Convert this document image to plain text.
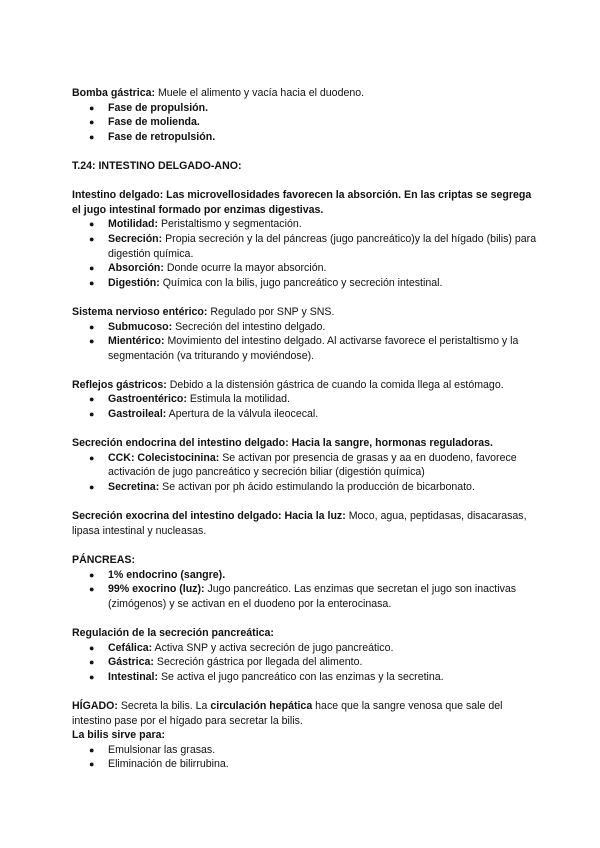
Bomba gástrica: Muele el alimento y vacía hacia el duodeno.

● Fase de propulsión.
● Fase de molienda.
● Fase de retropulsión.

T.24: INTESTINO DELGADO-ANO:

Intestino delgado: Las microvellosidades favorecen la absorción. En las criptas se segrega el jugo intestinal formado por enzimas digestivas.

● Motilidad: Peristaltismo y segmentación.
● Secreción: Propia secreción y la del páncreas (jugo pancreático)y la del hígado (bilis) para digestión química.
● Absorción: Donde ocurre la mayor absorción.
● Digestión: Química con la bilis, jugo pancreático y secreción intestinal.

Sistema nervioso entérico: Regulado por SNP y SNS.

● Submucoso: Secreción del intestino delgado.
● Mientérico: Movimiento del intestino delgado. Al activarse favorece el peristaltismo y la segmentación (va triturando y moviéndose).

Reflejos gástricos: Debido a la distensión gástrica de cuando la comida llega al estómago.

● Gastroentérico: Estimula la motilidad.
● Gastroileal: Apertura de la válvula ileocecal.

Secreción endocrina del intestino delgado: Hacia la sangre, hormonas reguladoras.

● CCK: Colecistocinina: Se activan por presencia de grasas y aa en duodeno, favorece activación de jugo pancreático y secreción biliar (digestión química)
● Secretina: Se activan por ph ácido estimulando la producción de bicarbonato.

Secreción exocrina del intestino delgado: Hacia la luz: Moco, agua, peptidasas, disacarasas, lipasa intestinal y nucleasas.

PÁNCREAS:

● 1% endocrino (sangre).
● 99% exocrino (luz): Jugo pancreático. Las enzimas que secretan el jugo son inactivas (zimógenos) y se activan en el duodeno por la enterocinasa.

Regulación de la secreción pancreática:

● Cefálica: Activa SNP y activa secreción de jugo pancreático.
● Gástrica: Secreción gástrica por llegada del alimento.
● Intestinal: Se activa el jugo pancreático con las enzimas y la secretina.

HÍGADO: Secreta la bilis. La circulación hepática hace que la sangre venosa que sale del intestino pase por el hígado para secretar la bilis.

La bilis sirve para:

● Emulsionar las grasas.
● Eliminación de bilirrubina.
